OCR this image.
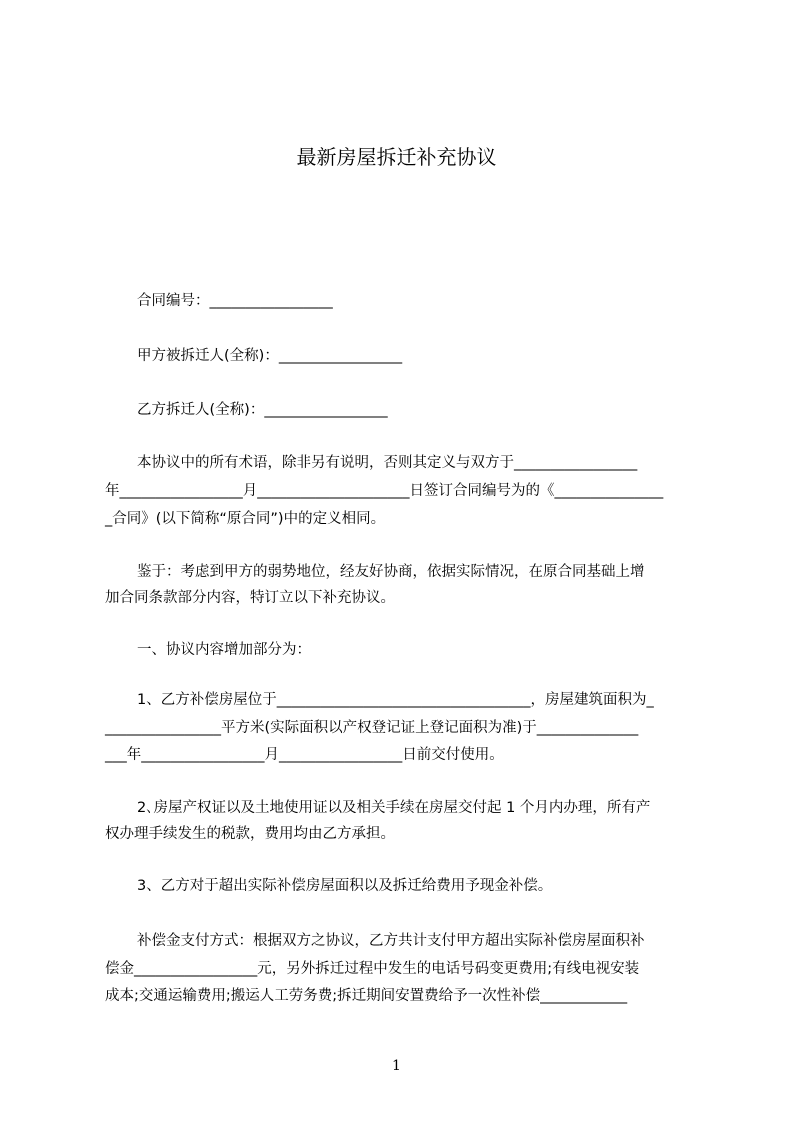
最新房屋拆迁补充协议
合同编号：_________________
甲方被拆迁人(全称)：_________________
乙方拆迁人(全称)：_________________
本协议中的所有术语，除非另有说明，否则其定义与双方于_________________
年_________________月_____________________日签订合同编号为的《_______________
_合同》(以下简称“原合同”)中的定义相同。
鉴于：考虑到甲方的弱势地位，经友好协商，依据实际情况，在原合同基础上增
加合同条款部分内容，特订立以下补充协议。
一、协议内容增加部分为：
1、乙方补偿房屋位于___________________________________，房屋建筑面积为_
________________平方米(实际面积以产权登记证上登记面积为准)于______________
___年_________________月_________________日前交付使用。
2､房屋产权证以及土地使用证以及相关手续在房屋交付起 1 个月内办理，所有产
权办理手续发生的税款，费用均由乙方承担。
3、乙方对于超出实际补偿房屋面积以及拆迁给费用予现金补偿。
补偿金支付方式：根据双方之协议，乙方共计支付甲方超出实际补偿房屋面积补
偿金_________________元，另外拆迁过程中发生的电话号码变更费用;有线电视安装
成本;交通运输费用;搬运人工劳务费;拆迁期间安置费给予一次性补偿____________
1
